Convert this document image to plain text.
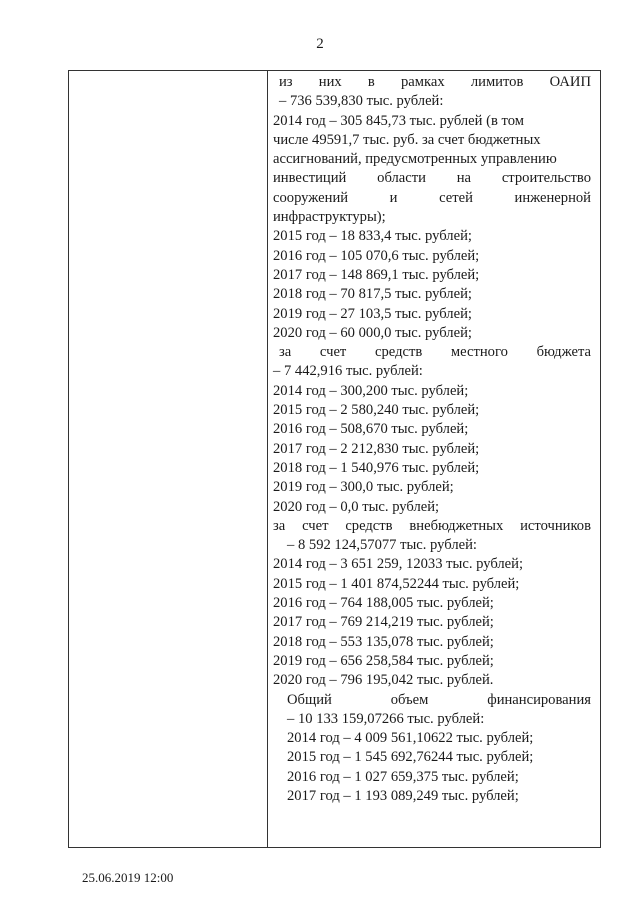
2
из них в рамках лимитов ОАИП
– 736 539,830 тыс. рублей:
2014 год – 305 845,73 тыс. рублей (в том
числе 49591,7 тыс. руб. за счет бюджетных
ассигнований, предусмотренных управлению
инвестиций области на строительство
сооружений и сетей инженерной
инфраструктуры);
2015 год – 18 833,4 тыс. рублей;
2016 год – 105 070,6 тыс. рублей;
2017 год – 148 869,1 тыс. рублей;
2018 год – 70 817,5 тыс. рублей;
2019 год – 27 103,5 тыс. рублей;
2020 год – 60 000,0 тыс. рублей;
за счет средств местного бюджета
– 7 442,916 тыс. рублей:
2014 год – 300,200 тыс. рублей;
2015 год – 2 580,240 тыс. рублей;
2016 год – 508,670 тыс. рублей;
2017 год – 2 212,830 тыс. рублей;
2018 год – 1 540,976 тыс. рублей;
2019 год – 300,0 тыс. рублей;
2020 год – 0,0 тыс. рублей;
за счет средств внебюджетных источников
– 8 592 124,57077 тыс. рублей:
2014 год – 3 651 259, 12033 тыс. рублей;
2015 год – 1 401 874,52244 тыс. рублей;
2016 год – 764 188,005 тыс. рублей;
2017 год – 769 214,219 тыс. рублей;
2018 год – 553 135,078 тыс. рублей;
2019 год – 656 258,584 тыс. рублей;
2020 год – 796 195,042 тыс. рублей.
Общий объем финансирования
– 10 133 159,07266 тыс. рублей:
2014 год – 4 009 561,10622 тыс. рублей;
2015 год – 1 545 692,76244 тыс. рублей;
2016 год – 1 027 659,375 тыс. рублей;
2017 год – 1 193 089,249 тыс. рублей;
25.06.2019 12:00
